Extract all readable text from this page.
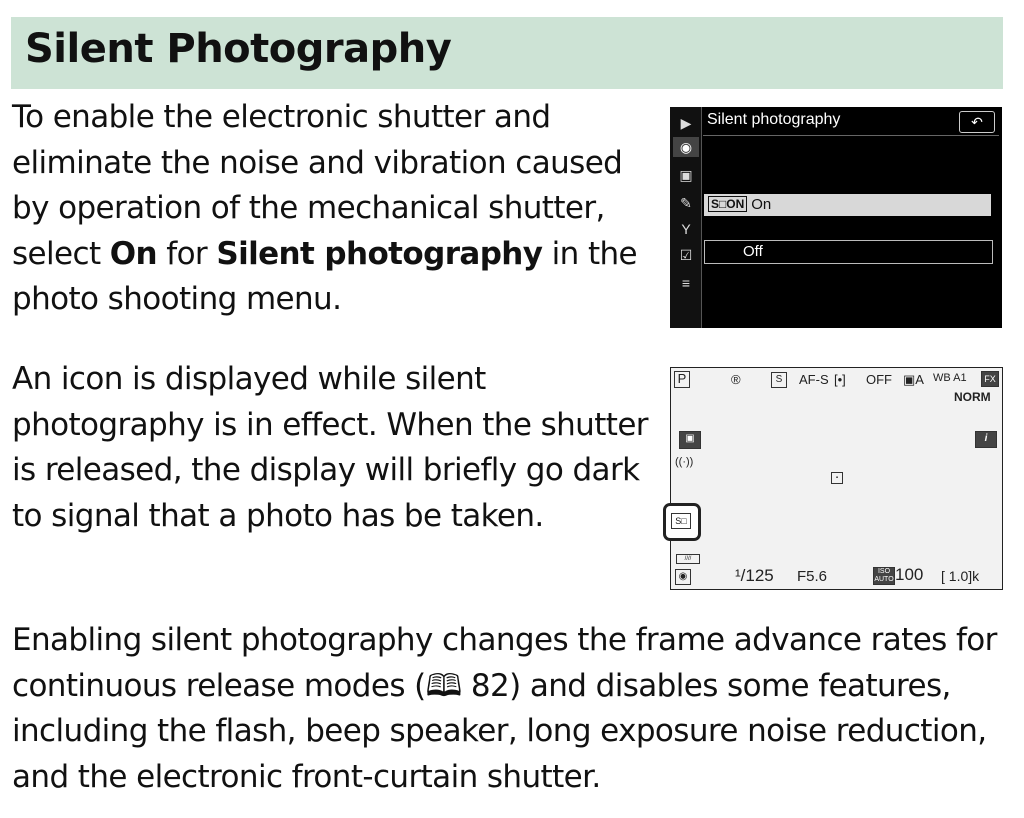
Silent Photography

To enable the electronic shutter and eliminate the noise and vibration caused by operation of the mechanical shutter, select On for Silent photography in the photo shooting menu.

An icon is displayed while silent photography is in effect. When the shutter is released, the display will briefly go dark to signal that a photo has be taken.

Enabling silent photography changes the frame advance rates for continuous release modes (🕮 82) and disables some features, including the flash, beep speaker, long exposure noise reduction, and the electronic front-curtain shutter.

▶
◉
▣
✎
Y
☑
≡
Silent photography	↶
S□ON On
Off
P	®	S	AF-S [•] OFF ▣A WB A1	FX
NORM
▣
((·))
i
▪
////
◉	¹/125 F5.6	ISO AUTO 100 [ 1.0]k
S□
